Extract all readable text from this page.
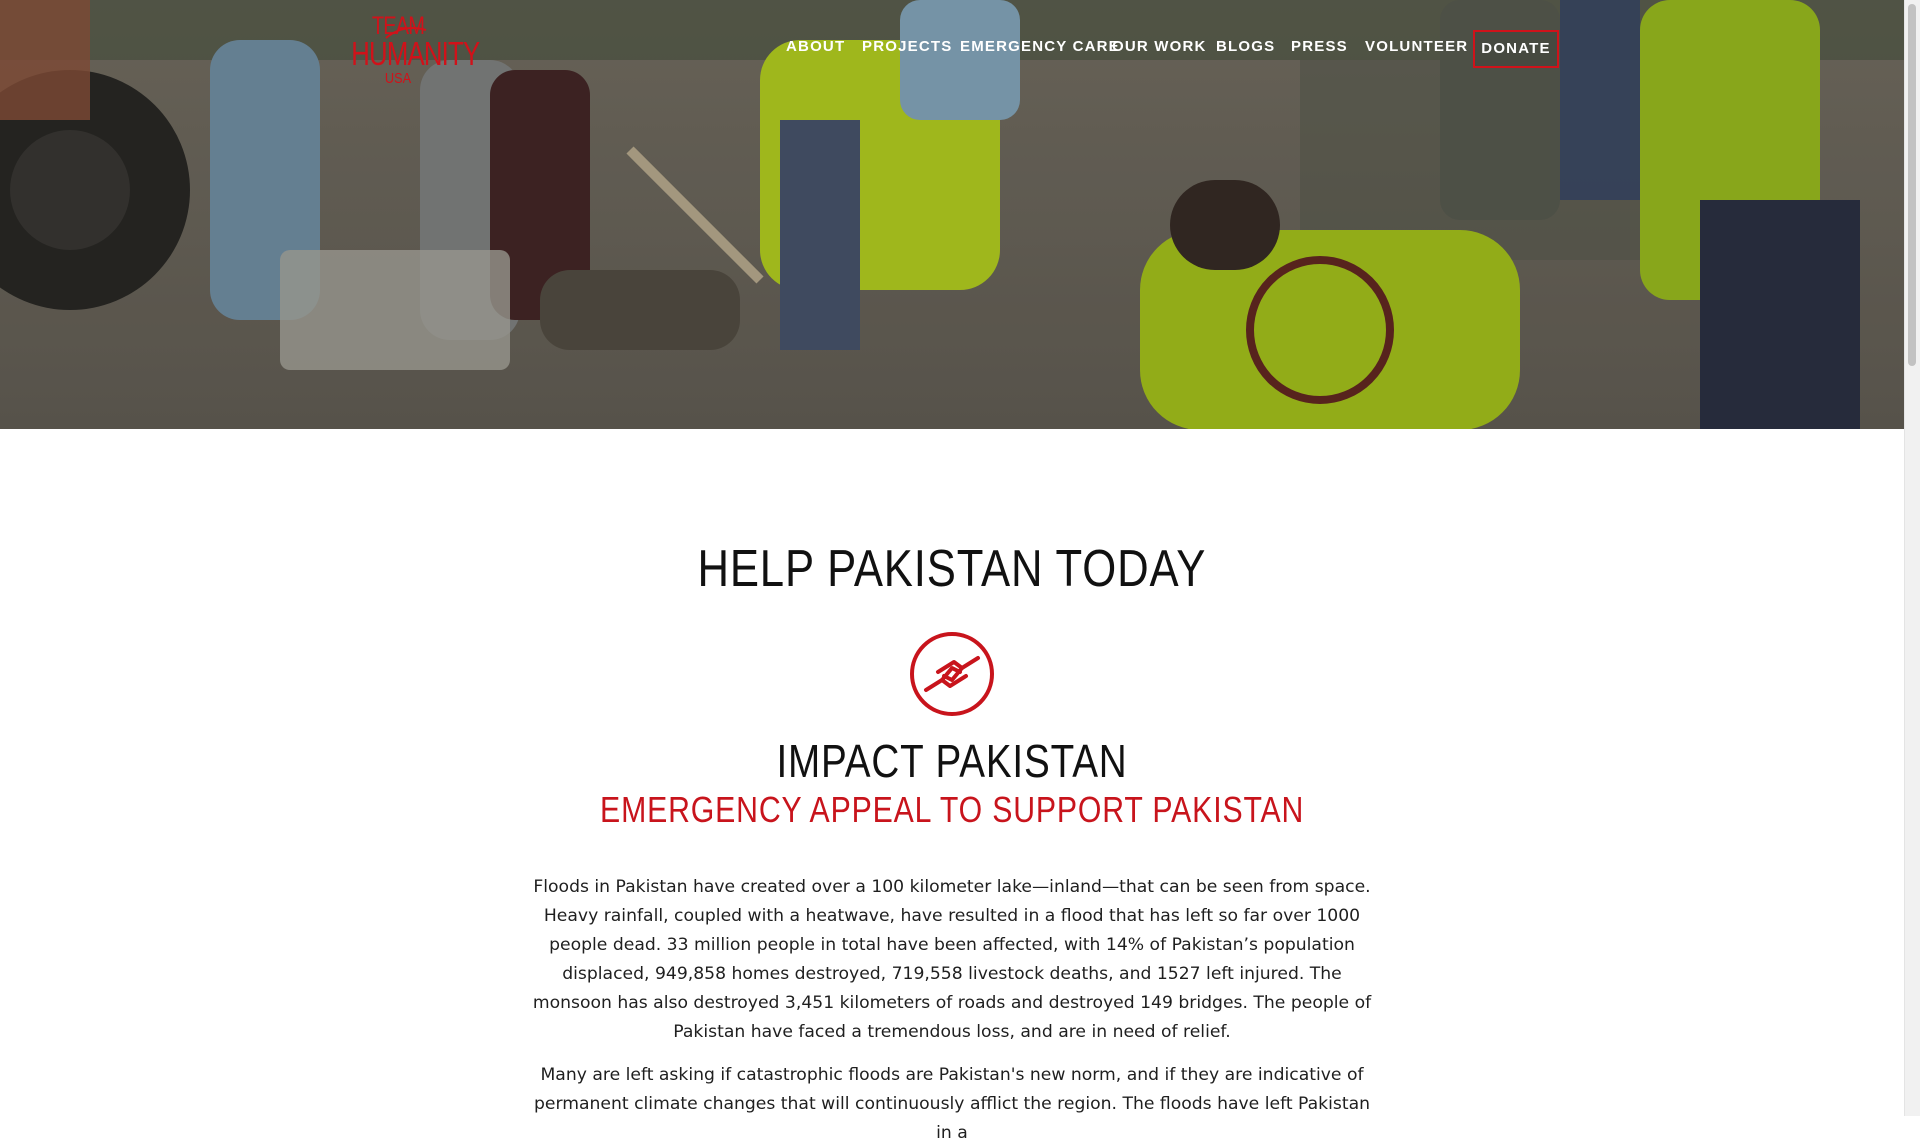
TEAM
HUMANITY
USA
ABOUT PROJECTS EMERGENCY CARE
OUR WORK BLOGS PRESS VOLUNTEER DONATE
HELP PAKISTAN TODAY
IMPACT PAKISTAN
EMERGENCY APPEAL TO SUPPORT PAKISTAN

Floods in Pakistan have created over a 100 kilometer lake—inland—that can be seen from space. Heavy rainfall, coupled with a heatwave, have resulted in a flood that has left so far over 1000 people dead. 33 million people in total have been affected, with 14% of Pakistan’s population displaced, 949,858 homes destroyed, 719,558 livestock deaths, and 1527 left injured. The monsoon has also destroyed 3,451 kilometers of roads and destroyed 149 bridges. The people of Pakistan have faced a tremendous loss, and are in need of relief.

Many are left asking if catastrophic floods are Pakistan's new norm, and if they are indicative of permanent climate changes that will continuously afflict the region. The floods have left Pakistan in a
